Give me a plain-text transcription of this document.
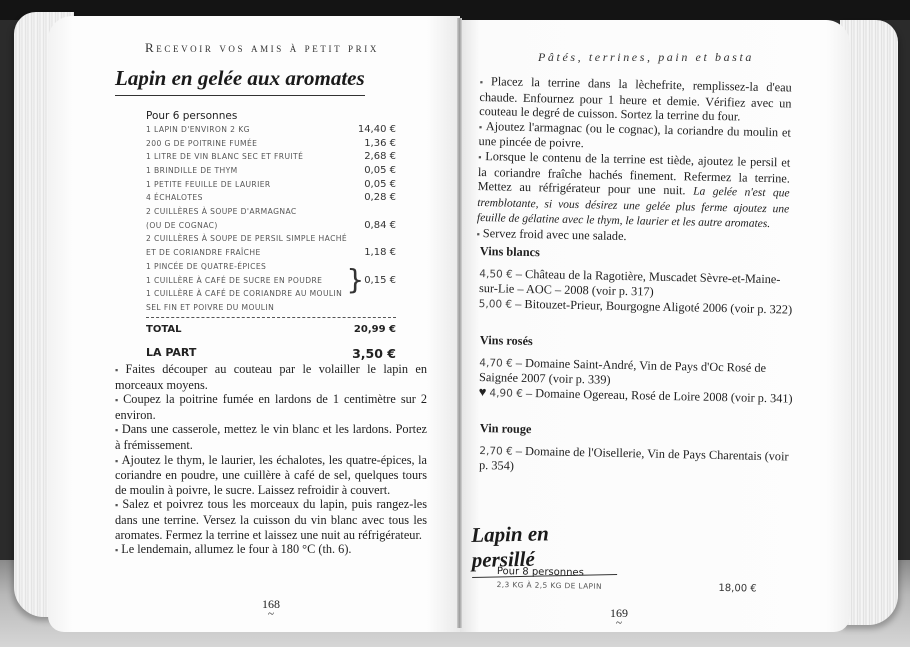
Recevoir vos amis à petit prix
Lapin en gelée aux aromates
Pour 6 personnes
1 LAPIN D'ENVIRON 2 KG	14,40 €
200 G DE POITRINE FUMÉE	1,36 €
1 LITRE DE VIN BLANC SEC ET FRUITÉ	2,68 €
1 BRINDILLE DE THYM	0,05 €
1 PETITE FEUILLE DE LAURIER	0,05 €
4 ÉCHALOTES	0,28 €
2 CUILLÈRES À SOUPE D'ARMAGNAC
(OU DE COGNAC)	0,84 €
2 CUILLÈRES À SOUPE DE PERSIL SIMPLE HACHÉ
ET DE CORIANDRE FRAÎCHE	1,18 €
1 PINCÉE DE QUATRE-ÉPICES
1 CUILLÈRE À CAFÉ DE SUCRE EN POUDRE
1 CUILLÈRE À CAFÉ DE CORIANDRE AU MOULIN } 0,15 €
SEL FIN ET POIVRE DU MOULIN
TOTAL	20,99 €
LA PART	3,50 €

▪ Faites découper au couteau par le volailler le lapin en morceaux moyens.

▪ Coupez la poitrine fumée en lardons de 1 centimètre sur 2 environ.

▪ Dans une casserole, mettez le vin blanc et les lardons. Portez à frémissement.

▪ Ajoutez le thym, le laurier, les échalotes, les quatre-épices, la coriandre en poudre, une cuillère à café de sel, quelques tours de moulin à poivre, le sucre. Laissez refroidir à couvert.

▪ Salez et poivrez tous les morceaux du lapin, puis rangez-les dans une terrine. Versez la cuisson du vin blanc avec tous les aromates. Fermez la terrine et laissez une nuit au réfrigérateur.

▪ Le lendemain, allumez le four à 180 °C (th. 6).

168
~
Pâtés, terrines, pain et basta

▪ Placez la terrine dans la lèchefrite, remplissez-la d'eau chaude. Enfournez pour 1 heure et demie. Vérifiez avec un couteau le degré de cuisson. Sortez la terrine du four.

▪ Ajoutez l'armagnac (ou le cognac), la coriandre du moulin et une pincée de poivre.

▪ Lorsque le contenu de la terrine est tiède, ajoutez le persil et la coriandre fraîche hachés finement. Refermez la terrine. Mettez au réfrigérateur pour une nuit. La gelée n'est que tremblotante, si vous désirez une gelée plus ferme ajoutez une feuille de gélatine avec le thym, le laurier et les autre aromates.

▪ Servez froid avec une salade.

Vins blancs

4,50 € – Château de la Ragotière, Muscadet Sèvre-et-Maine-sur-Lie – AOC – 2008 (voir p. 317)

5,00 € – Bitouzet-Prieur, Bourgogne Aligoté 2006 (voir p. 322)

Vins rosés

4,70 € – Domaine Saint-André, Vin de Pays d'Oc Rosé de Saignée 2007 (voir p. 339)

♥ 4,90 € – Domaine Ogereau, Rosé de Loire 2008 (voir p. 341)

Vin rouge

2,70 € – Domaine de l'Oisellerie, Vin de Pays Charentais (voir p. 354)

Lapin en persillé
Pour 8 personnes
2,3 KG À 2,5 KG DE LAPIN	18,00 €
169
~
